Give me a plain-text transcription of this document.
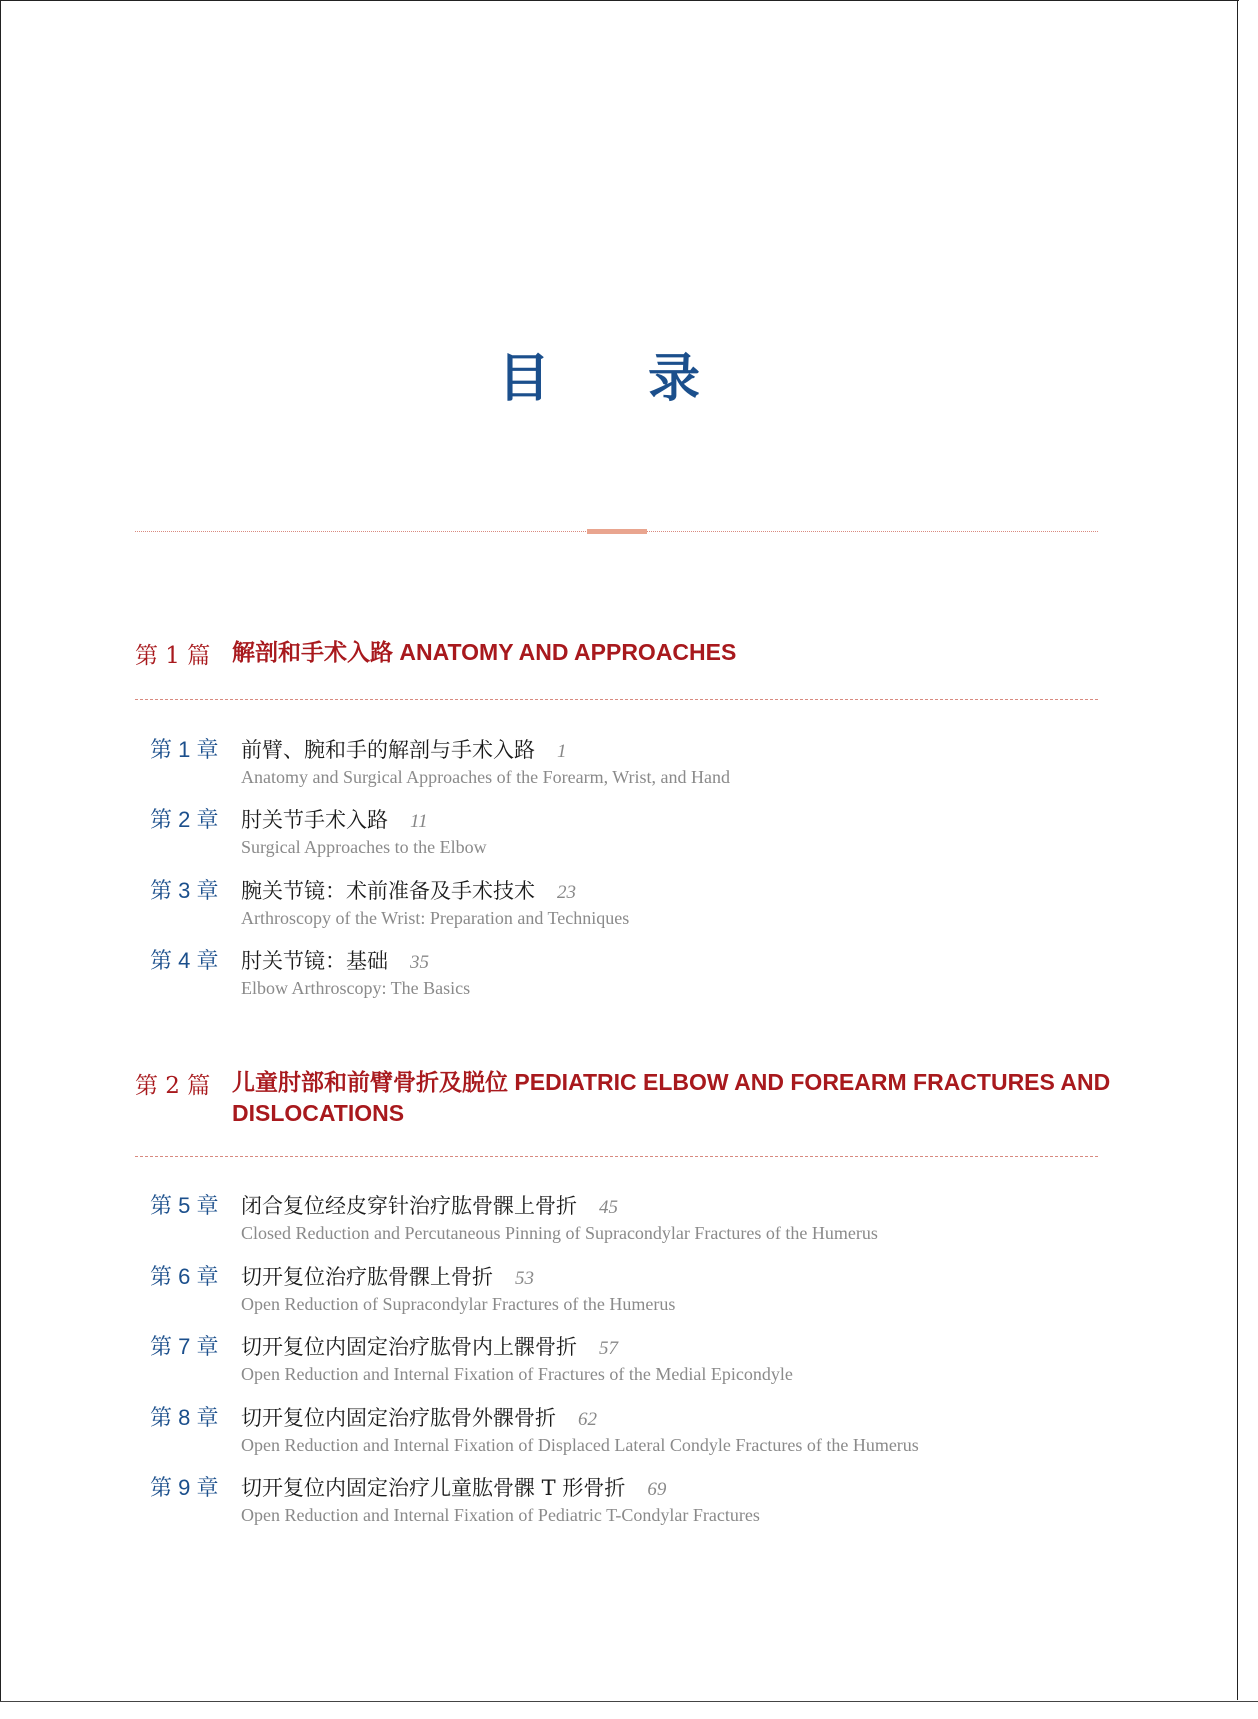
目 录
第 1 篇 解剖和手术入路 ANATOMY AND APPROACHES
第 1 章	前臂、腕和手的解剖与手术入路 1
Anatomy and Surgical Approaches of the Forearm, Wrist, and Hand
第 2 章	肘关节手术入路 11
Surgical Approaches to the Elbow
第 3 章	腕关节镜：术前准备及手术技术 23
Arthroscopy of the Wrist: Preparation and Techniques
第 4 章	肘关节镜：基础 35
Elbow Arthroscopy: The Basics
第 2 篇 儿童肘部和前臂骨折及脱位 PEDIATRIC ELBOW AND FOREARM FRACTURES AND DISLOCATIONS
第 5 章	闭合复位经皮穿针治疗肱骨髁上骨折 45
Closed Reduction and Percutaneous Pinning of Supracondylar Fractures of the Humerus
第 6 章	切开复位治疗肱骨髁上骨折 53
Open Reduction of Supracondylar Fractures of the Humerus
第 7 章	切开复位内固定治疗肱骨内上髁骨折 57
Open Reduction and Internal Fixation of Fractures of the Medial Epicondyle
第 8 章	切开复位内固定治疗肱骨外髁骨折 62
Open Reduction and Internal Fixation of Displaced Lateral Condyle Fractures of the Humerus
第 9 章	切开复位内固定治疗儿童肱骨髁 T 形骨折 69
Open Reduction and Internal Fixation of Pediatric T-Condylar Fractures
